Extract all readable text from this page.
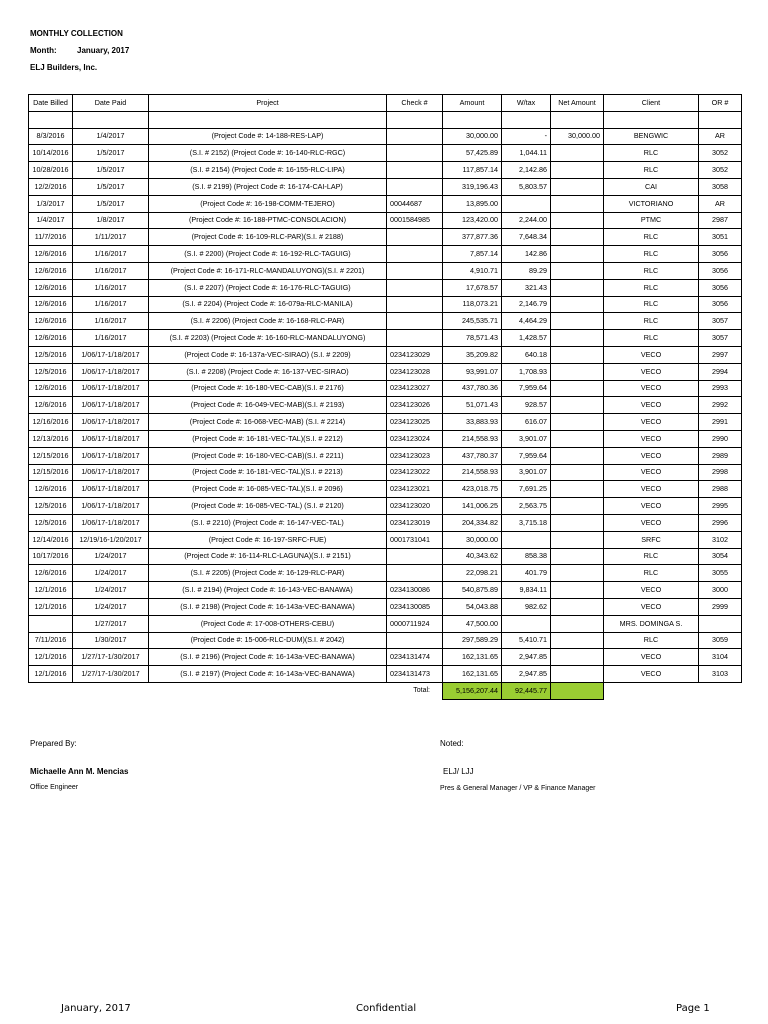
MONTHLY COLLECTION
Month:	January, 2017
ELJ Builders, Inc.
Date Billed	Date Paid	Project	Check #	Amount	W/tax	Net Amount	Client	OR #

8/3/2016	1/4/2017	(Project Code #: 14-188-RES-LAP)		30,000.00	-	30,000.00	BENGWIC	AR
10/14/2016	1/5/2017	(S.I. # 2152) (Project Code #: 16-140-RLC-RGC)		57,425.89	1,044.11		RLC	3052
10/28/2016	1/5/2017	(S.I. # 2154) (Project Code #: 16-155-RLC-LIPA)		117,857.14	2,142.86		RLC	3052
12/2/2016	1/5/2017	(S.I. # 2199) (Project Code #: 16-174-CAI-LAP)		319,196.43	5,803.57		CAI	3058
1/3/2017	1/5/2017	(Project Code #: 16-198-COMM-TEJERO)	00044687	13,895.00			VICTORIANO	AR
1/4/2017	1/8/2017	(Project Code #: 16-188-PTMC-CONSOLACION)	0001584985	123,420.00	2,244.00		PTMC	2987
11/7/2016	1/11/2017	(Project Code #: 16-109-RLC-PAR)(S.I. # 2188)		377,877.36	7,648.34		RLC	3051
12/6/2016	1/16/2017	(S.I. # 2200) (Project Code #: 16-192-RLC-TAGUIG)		7,857.14	142.86		RLC	3056
12/6/2016	1/16/2017	(Project Code #: 16-171-RLC-MANDALUYONG)(S.I. # 2201)		4,910.71	89.29		RLC	3056
12/6/2016	1/16/2017	(S.I. # 2207) (Project Code #: 16-176-RLC-TAGUIG)		17,678.57	321.43		RLC	3056
12/6/2016	1/16/2017	(S.I. # 2204) (Project Code #: 16-079a-RLC-MANILA)		118,073.21	2,146.79		RLC	3056
12/6/2016	1/16/2017	(S.I. # 2206) (Project Code #: 16-168-RLC-PAR)		245,535.71	4,464.29		RLC	3057
12/6/2016	1/16/2017	(S.I. # 2203) (Project Code #: 16-160-RLC-MANDALUYONG)		78,571.43	1,428.57		RLC	3057
12/5/2016	1/06/17-1/18/2017	(Project Code #: 16-137a-VEC-SIRAO) (S.I. # 2209)	0234123029	35,209.82	640.18		VECO	2997
12/5/2016	1/06/17-1/18/2017	(S.I. # 2208) (Project Code #: 16-137-VEC-SIRAO)	0234123028	93,991.07	1,708.93		VECO	2994
12/6/2016	1/06/17-1/18/2017	(Project Code #: 16-180-VEC-CAB)(S.I. # 2176)	0234123027	437,780.36	7,959.64		VECO	2993
12/6/2016	1/06/17-1/18/2017	(Project Code #: 16-049-VEC-MAB)(S.I. # 2193)	0234123026	51,071.43	928.57		VECO	2992
12/16/2016	1/06/17-1/18/2017	(Project Code #: 16-068-VEC-MAB) (S.I. # 2214)	0234123025	33,883.93	616.07		VECO	2991
12/13/2016	1/06/17-1/18/2017	(Project Code #: 16-181-VEC-TAL)(S.I. # 2212)	0234123024	214,558.93	3,901.07		VECO	2990
12/15/2016	1/06/17-1/18/2017	(Project Code #: 16-180-VEC-CAB)(S.I. # 2211)	0234123023	437,780.37	7,959.64		VECO	2989
12/15/2016	1/06/17-1/18/2017	(Project Code #: 16-181-VEC-TAL)(S.I. # 2213)	0234123022	214,558.93	3,901.07		VECO	2998
12/6/2016	1/06/17-1/18/2017	(Project Code #: 16-085-VEC-TAL)(S.I. # 2096)	0234123021	423,018.75	7,691.25		VECO	2988
12/5/2016	1/06/17-1/18/2017	(Project Code #: 16-085-VEC-TAL) (S.I. # 2120)	0234123020	141,006.25	2,563.75		VECO	2995
12/5/2016	1/06/17-1/18/2017	(S.I. # 2210) (Project Code #: 16-147-VEC-TAL)	0234123019	204,334.82	3,715.18		VECO	2996
12/14/2016	12/19/16-1/20/2017	(Project Code #: 16-197-SRFC-FUE)	0001731041	30,000.00			SRFC	3102
10/17/2016	1/24/2017	(Project Code #: 16-114-RLC-LAGUNA)(S.I. # 2151)		40,343.62	858.38		RLC	3054
12/6/2016	1/24/2017	(S.I. # 2205) (Project Code #: 16-129-RLC-PAR)		22,098.21	401.79		RLC	3055
12/1/2016	1/24/2017	(S.I. # 2194) (Project Code #: 16-143-VEC-BANAWA)	0234130086	540,875.89	9,834.11		VECO	3000
12/1/2016	1/24/2017	(S.I. # 2198) (Project Code #: 16-143a-VEC-BANAWA)	0234130085	54,043.88	982.62		VECO	2999
	1/27/2017	(Project Code #: 17-008-OTHERS-CEBU)	0000711924	47,500.00			MRS. DOMINGA S.	
7/11/2016	1/30/2017	(Project Code #: 15-006-RLC-DUM)(S.I. # 2042)		297,589.29	5,410.71		RLC	3059
12/1/2016	1/27/17-1/30/2017	(S.I. # 2196) (Project Code #: 16-143a-VEC-BANAWA)	0234131474	162,131.65	2,947.85		VECO	3104
12/1/2016	1/27/17-1/30/2017	(S.I. # 2197) (Project Code #: 16-143a-VEC-BANAWA)	0234131473	162,131.65	2,947.85		VECO	3103
			Total:	5,156,207.44	92,445.77			
Prepared By:
Michaelle Ann M. Mencias
Office Engineer
Noted:
ELJ/ LJJ
Pres & General Manager / VP & Finance Manager
January, 2017	Confidential	Page 1
